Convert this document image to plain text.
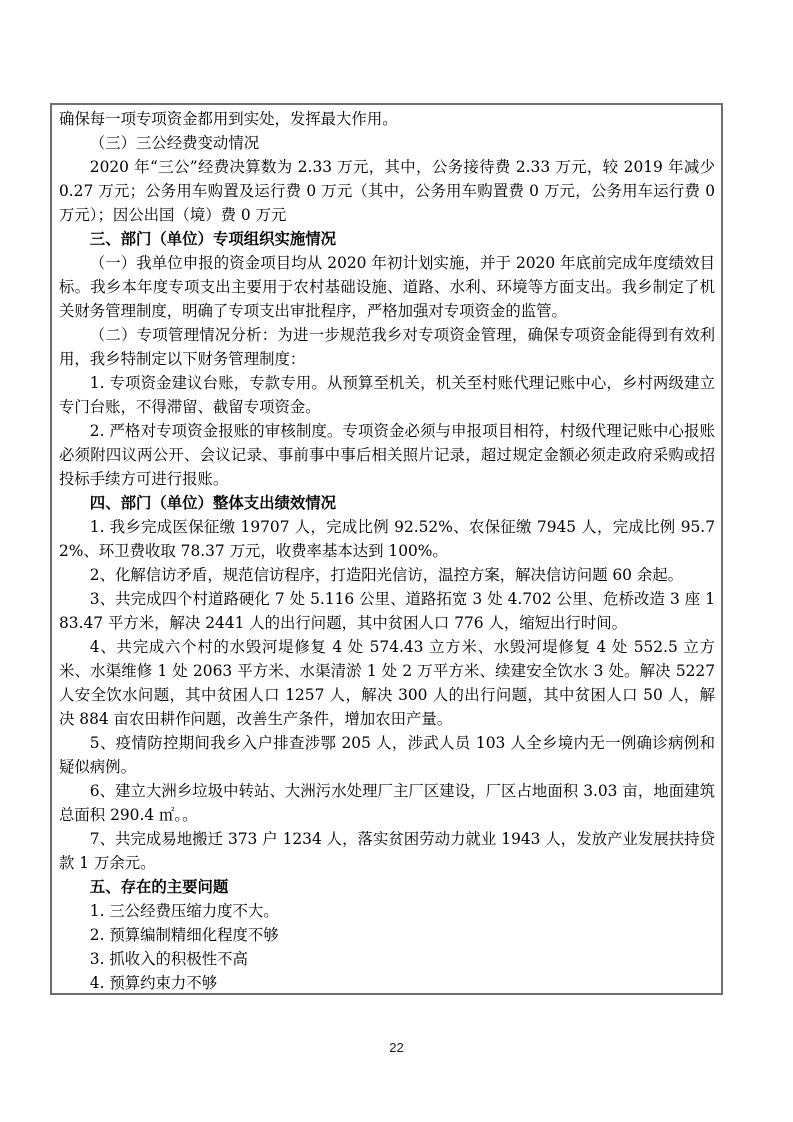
确保每一项专项资金都用到实处，发挥最大作用。

（三）三公经费变动情况

2020 年“三公”经费决算数为 2.33 万元，其中，公务接待费 2.33 万元，较 2019 年减少 0.27 万元；公务用车购置及运行费 0 万元（其中，公务用车购置费 0 万元，公务用车运行费 0 万元）；因公出国（境）费 0 万元

三、部门（单位）专项组织实施情况

（一）我单位申报的资金项目均从 2020 年初计划实施，并于 2020 年底前完成年度绩效目标。我乡本年度专项支出主要用于农村基础设施、道路、水利、环境等方面支出。我乡制定了机关财务管理制度，明确了专项支出审批程序，严格加强对专项资金的监管。

（二）专项管理情况分析：为进一步规范我乡对专项资金管理，确保专项资金能得到有效利用，我乡特制定以下财务管理制度：

1. 专项资金建议台账，专款专用。从预算至机关，机关至村账代理记账中心，乡村两级建立专门台账，不得滞留、截留专项资金。

2. 严格对专项资金报账的审核制度。专项资金必须与申报项目相符，村级代理记账中心报账必须附四议两公开、会议记录、事前事中事后相关照片记录，超过规定金额必须走政府采购或招投标手续方可进行报账。

四、部门（单位）整体支出绩效情况

1. 我乡完成医保征缴 19707 人，完成比例 92.52%、农保征缴 7945 人，完成比例 95.72%、环卫费收取 78.37 万元，收费率基本达到 100%。

2、化解信访矛盾，规范信访程序，打造阳光信访，温控方案，解决信访问题 60 余起。

3、共完成四个村道路硬化 7 处 5.116 公里、道路拓宽 3 处 4.702 公里、危桥改造 3 座 183.47 平方米，解决 2441 人的出行问题，其中贫困人口 776 人，缩短出行时间。

4、共完成六个村的水毁河堤修复 4 处 574.43 立方米、水毁河堤修复 4 处 552.5 立方米、水渠维修 1 处 2063 平方米、水渠清淤 1 处 2 万平方米、续建安全饮水 3 处。解决 5227 人安全饮水问题，其中贫困人口 1257 人，解决 300 人的出行问题，其中贫困人口 50 人，解决 884 亩农田耕作问题，改善生产条件，增加农田产量。

5、疫情防控期间我乡入户排查涉鄂 205 人，涉武人员 103 人全乡境内无一例确诊病例和疑似病例。

6、建立大洲乡垃圾中转站、大洲污水处理厂主厂区建设，厂区占地面积 3.03 亩，地面建筑总面积 290.4 ㎡。。

7、共完成易地搬迁 373 户 1234 人，落实贫困劳动力就业 1943 人，发放产业发展扶持贷款 1 万余元。

五、存在的主要问题

1. 三公经费压缩力度不大。

2. 预算编制精细化程度不够

3. 抓收入的积极性不高

4. 预算约束力不够

22
